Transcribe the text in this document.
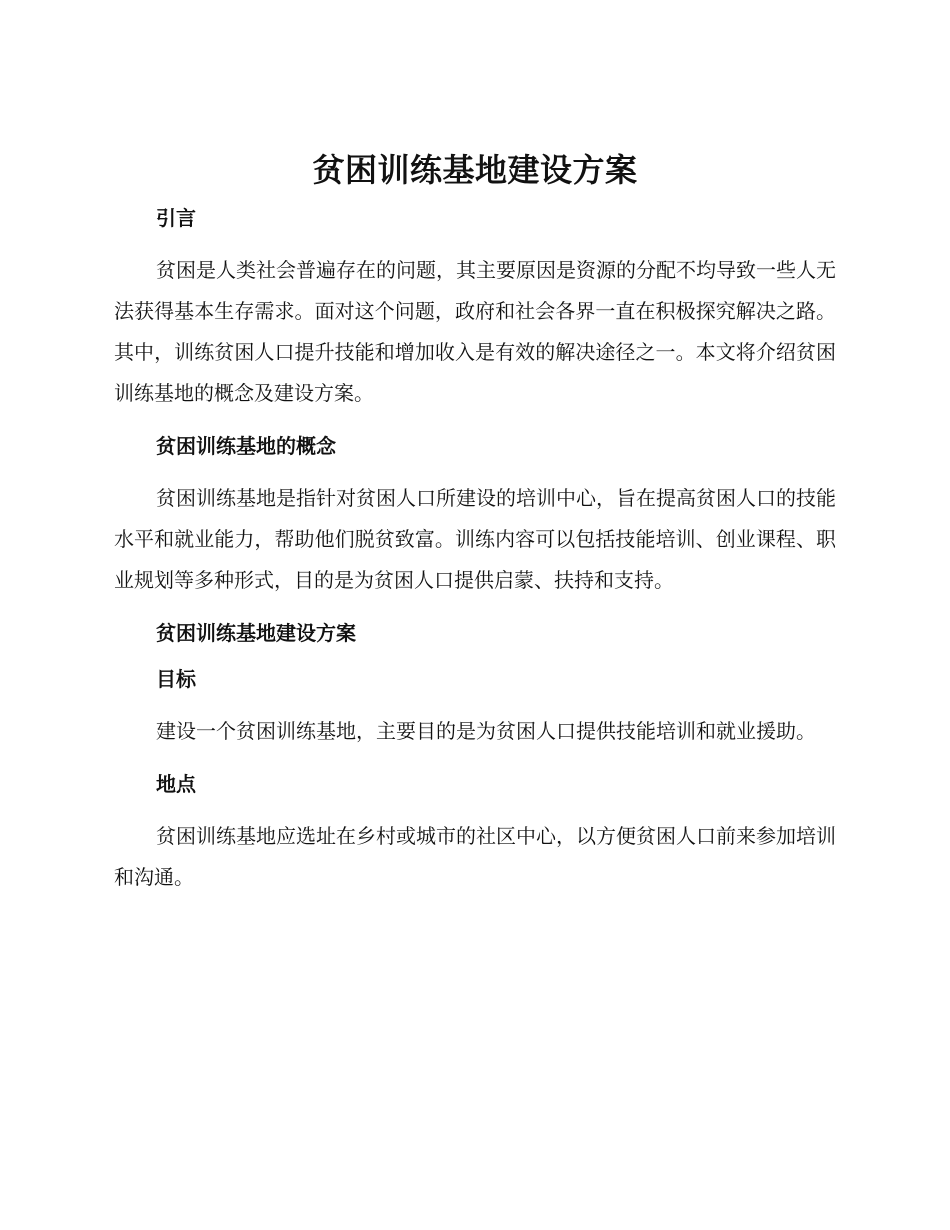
贫困训练基地建设方案
引言

贫困是人类社会普遍存在的问题，其主要原因是资源的分配不均导致一些人无法获得基本生存需求。面对这个问题，政府和社会各界一直在积极探究解决之路。其中，训练贫困人口提升技能和增加收入是有效的解决途径之一。本文将介绍贫困训练基地的概念及建设方案。

贫困训练基地的概念

贫困训练基地是指针对贫困人口所建设的培训中心，旨在提高贫困人口的技能水平和就业能力，帮助他们脱贫致富。训练内容可以包括技能培训、创业课程、职业规划等多种形式，目的是为贫困人口提供启蒙、扶持和支持。

贫困训练基地建设方案
目标

建设一个贫困训练基地，主要目的是为贫困人口提供技能培训和就业援助。

地点

贫困训练基地应选址在乡村或城市的社区中心，以方便贫困人口前来参加培训和沟通。
